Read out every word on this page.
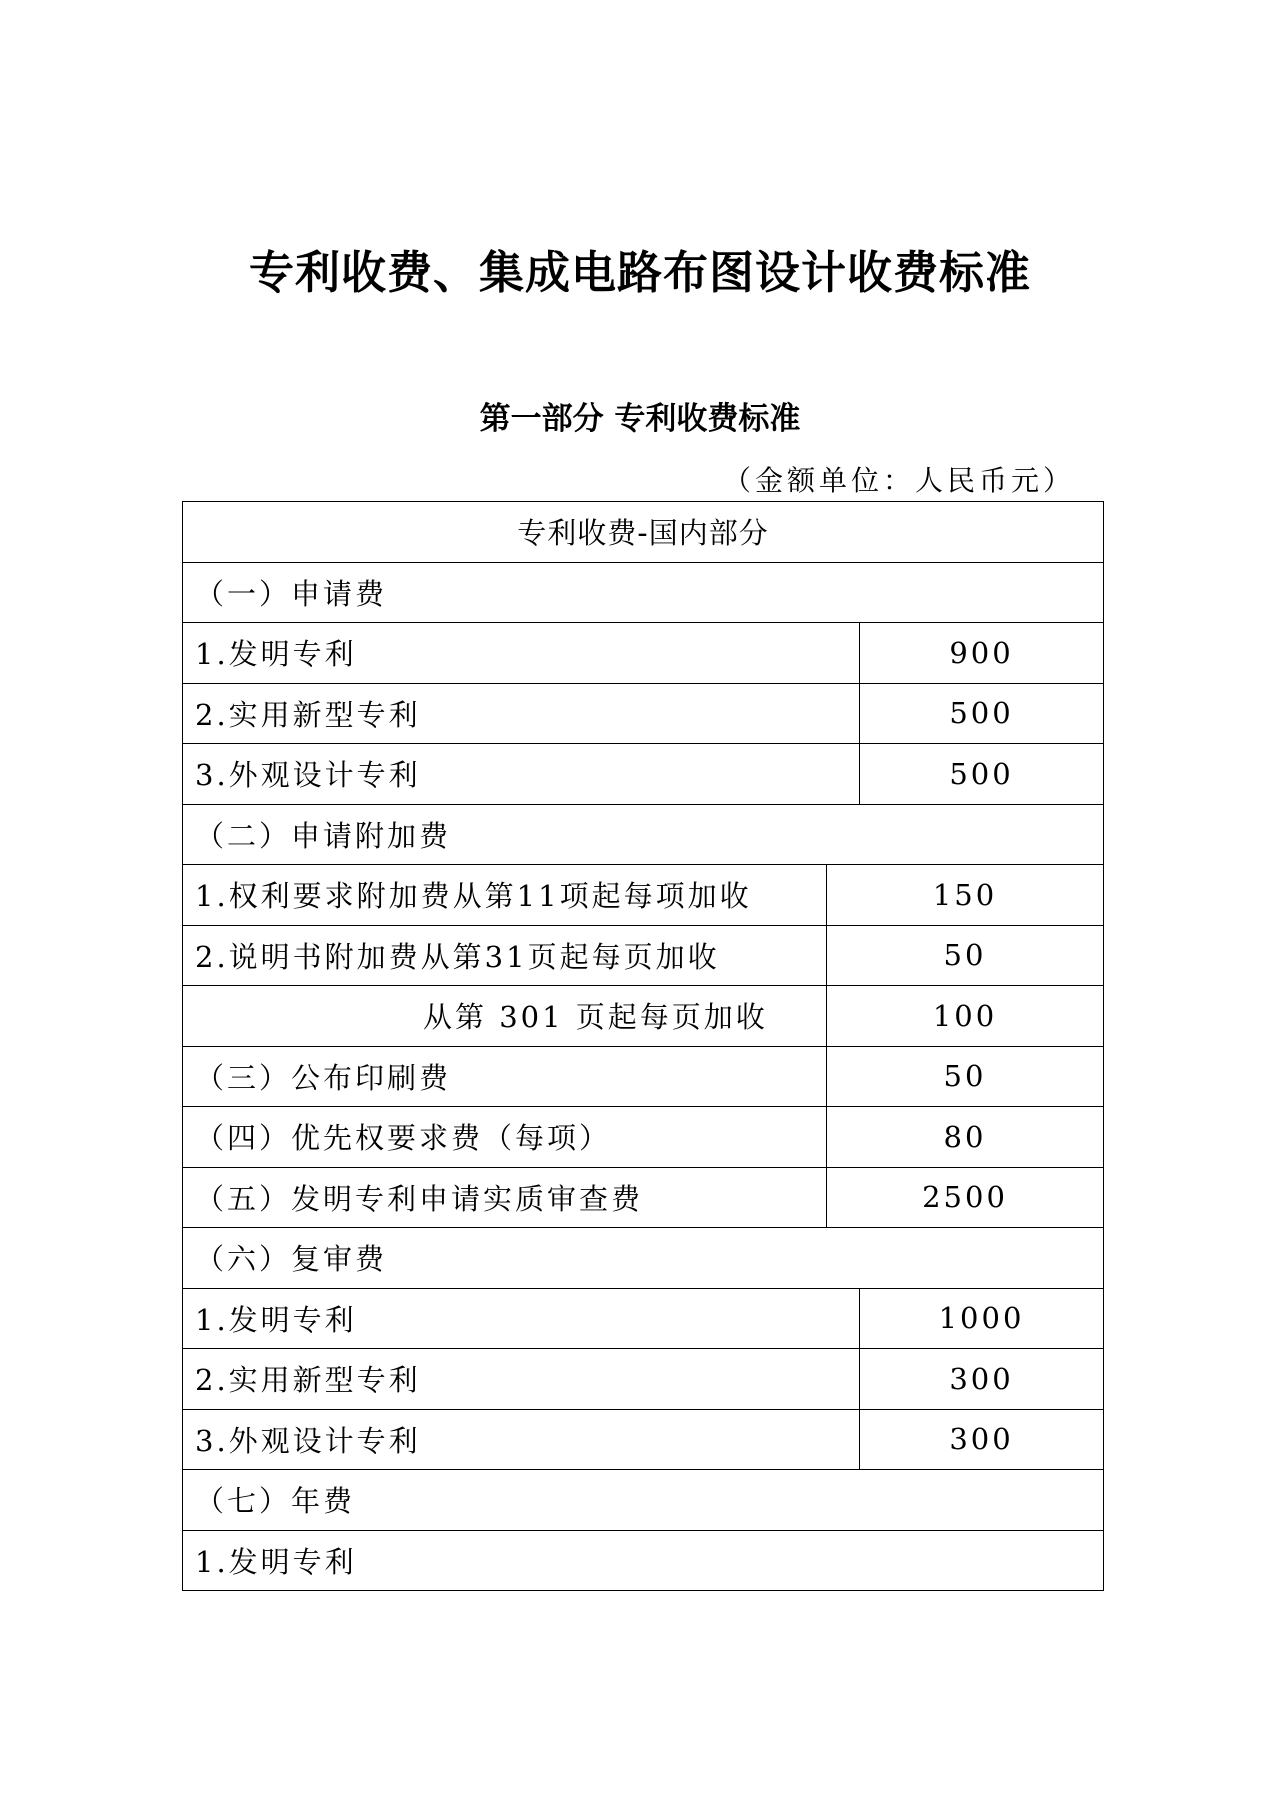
专利收费、集成电路布图设计收费标准
第一部分 专利收费标准
（金额单位：人民币元）
专利收费-国内部分		
（一）申请费		
1.发明专利		900
2.实用新型专利		500
3.外观设计专利		500
（二）申请附加费		
1.权利要求附加费从第11项起每项加收	150	
2.说明书附加费从第31页起每页加收	50	
从第 301 页起每页加收	100	
（三）公布印刷费	50	
（四）优先权要求费（每项）	80	
（五）发明专利申请实质审查费	2500	
（六）复审费		
1.发明专利		1000
2.实用新型专利		300
3.外观设计专利		300
（七）年费		
1.发明专利		
